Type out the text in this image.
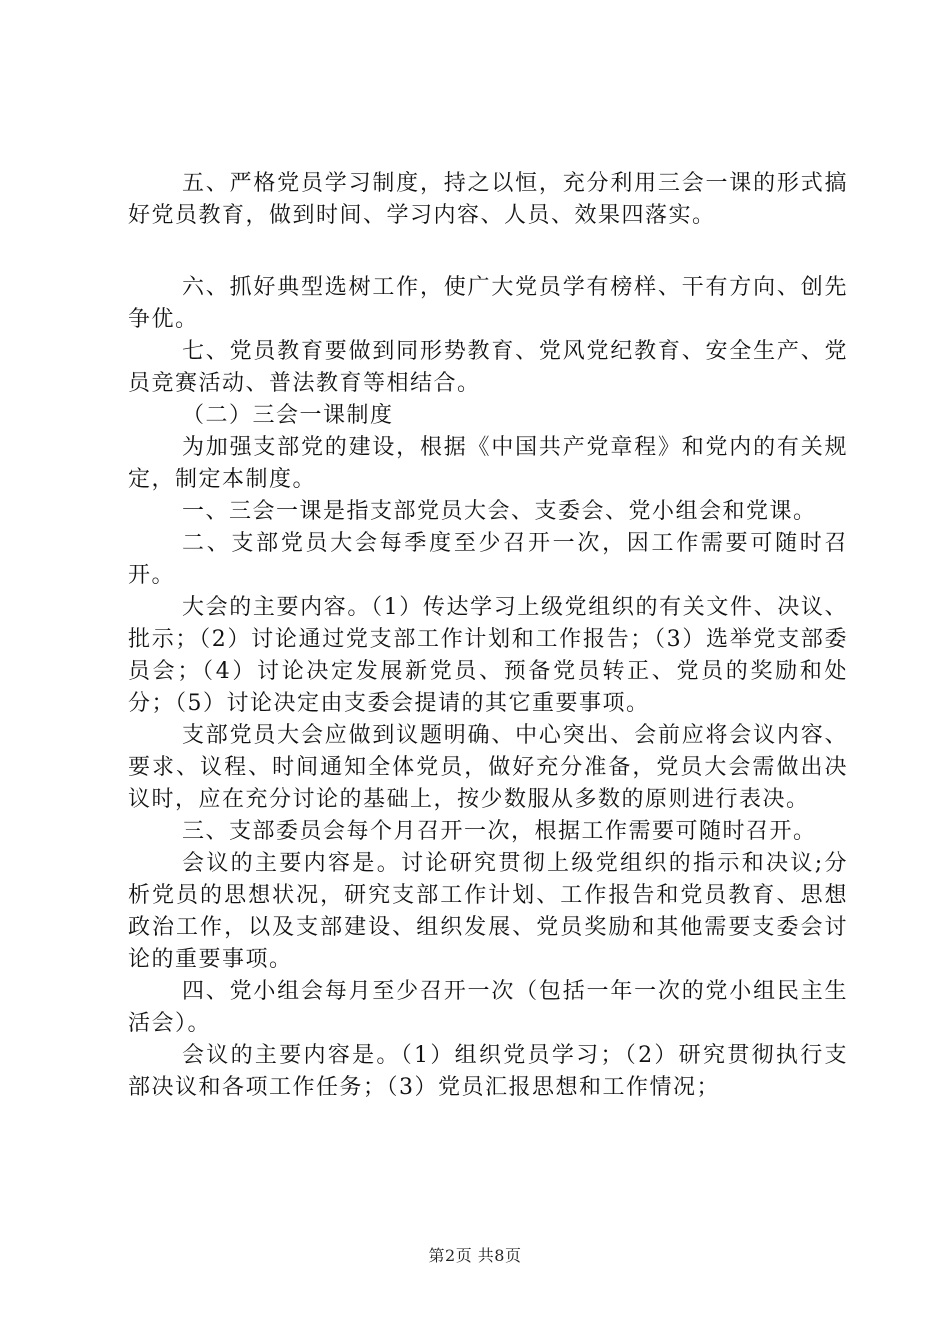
五、严格党员学习制度，持之以恒，充分利用三会一课的形式搞好党员教育，做到时间、学习内容、人员、效果四落实。

六、抓好典型选树工作，使广大党员学有榜样、干有方向、创先争优。

七、党员教育要做到同形势教育、党风党纪教育、安全生产、党员竞赛活动、普法教育等相结合。

（二）三会一课制度

为加强支部党的建设，根据《中国共产党章程》和党内的有关规定，制定本制度。

一、三会一课是指支部党员大会、支委会、党小组会和党课。

二、支部党员大会每季度至少召开一次，因工作需要可随时召开。

大会的主要内容。（1）传达学习上级党组织的有关文件、决议、批示；（2）讨论通过党支部工作计划和工作报告；（3）选举党支部委员会；（4）讨论决定发展新党员、预备党员转正、党员的奖励和处分；（5）讨论决定由支委会提请的其它重要事项。

支部党员大会应做到议题明确、中心突出、会前应将会议内容、要求、议程、时间通知全体党员，做好充分准备，党员大会需做出决议时，应在充分讨论的基础上，按少数服从多数的原则进行表决。

三、支部委员会每个月召开一次，根据工作需要可随时召开。

会议的主要内容是。讨论研究贯彻上级党组织的指示和决议;分析党员的思想状况，研究支部工作计划、工作报告和党员教育、思想政治工作，以及支部建设、组织发展、党员奖励和其他需要支委会讨论的重要事项。

四、党小组会每月至少召开一次（包括一年一次的党小组民主生活会）。

会议的主要内容是。（1）组织党员学习；（2）研究贯彻执行支部决议和各项工作任务；（3）党员汇报思想和工作情况；

第2页 共8页
